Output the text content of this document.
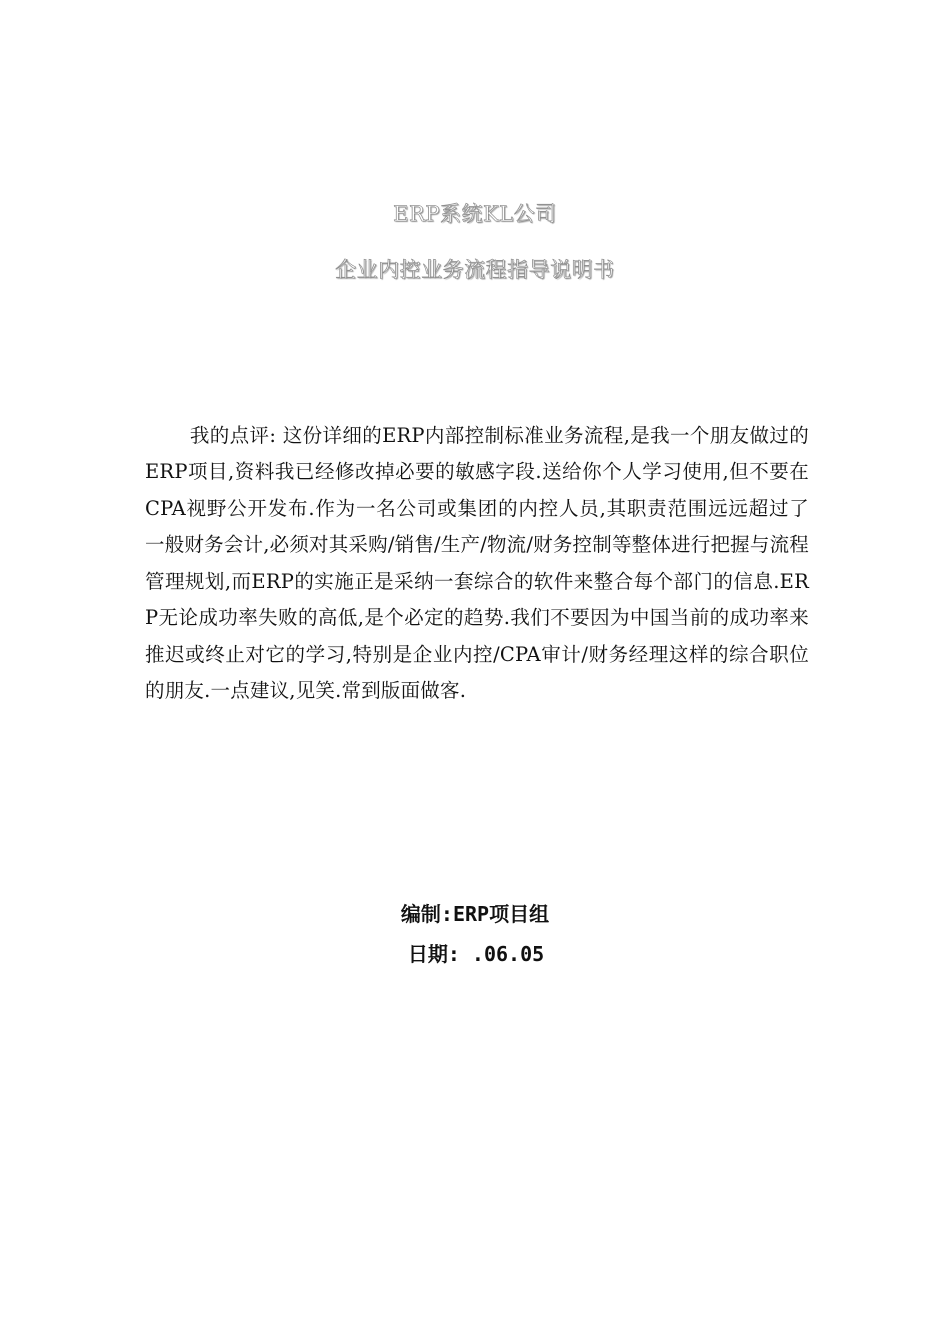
ERP系统KL公司
企业内控业务流程指导说明书

我的点评: 这份详细的ERP内部控制标准业务流程,是我一个朋友做过的ERP项目,资料我已经修改掉必要的敏感字段.送给你个人学习使用,但不要在CPA视野公开发布.作为一名公司或集团的内控人员,其职责范围远远超过了一般财务会计,必须对其采购/销售/生产/物流/财务控制等整体进行把握与流程管理规划,而ERP的实施正是采纳一套综合的软件来整合每个部门的信息.ERP无论成功率失败的高低,是个必定的趋势.我们不要因为中国当前的成功率来推迟或终止对它的学习,特别是企业内控/CPA审计/财务经理这样的综合职位的朋友.一点建议,见笑.常到版面做客.

编制:ERP项目组
日期: .06.05
